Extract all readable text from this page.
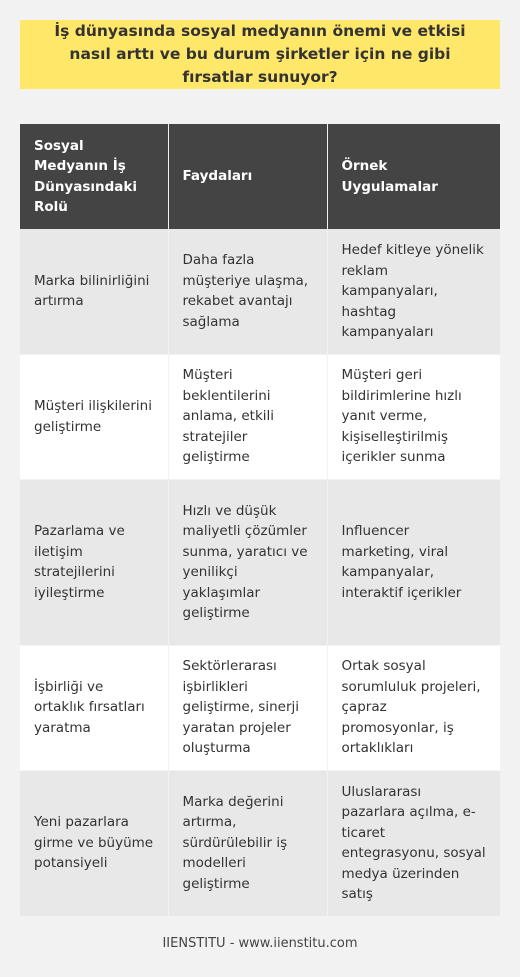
İş dünyasında sosyal medyanın önemi ve etkisi nasıl arttı ve bu durum şirketler için ne gibi fırsatlar sunuyor?
Sosyal Medyanın İş Dünyasındaki Rolü	Faydaları	Örnek Uygulamalar
Marka bilinirliğini artırma	Daha fazla müşteriye ulaşma, rekabet avantajı sağlama	Hedef kitleye yönelik reklam kampanyaları, hashtag kampanyaları
Müşteri ilişkilerini geliştirme	Müşteri beklentilerini anlama, etkili stratejiler geliştirme	Müşteri geri bildirimlerine hızlı yanıt verme, kişiselleştirilmiş içerikler sunma
Pazarlama ve iletişim stratejilerini iyileştirme	Hızlı ve düşük maliyetli çözümler sunma, yaratıcı ve yenilikçi yaklaşımlar geliştirme	Influencer marketing, viral kampanyalar, interaktif içerikler
İşbirliği ve ortaklık fırsatları yaratma	Sektörlerarası işbirlikleri geliştirme, sinerji yaratan projeler oluşturma	Ortak sosyal sorumluluk projeleri, çapraz promosyonlar, iş ortaklıkları
Yeni pazarlara girme ve büyüme potansiyeli	Marka değerini artırma, sürdürülebilir iş modelleri geliştirme	Uluslararası pazarlara açılma, e-ticaret entegrasyonu, sosyal medya üzerinden satış
IIENSTITU - www.iienstitu.com
